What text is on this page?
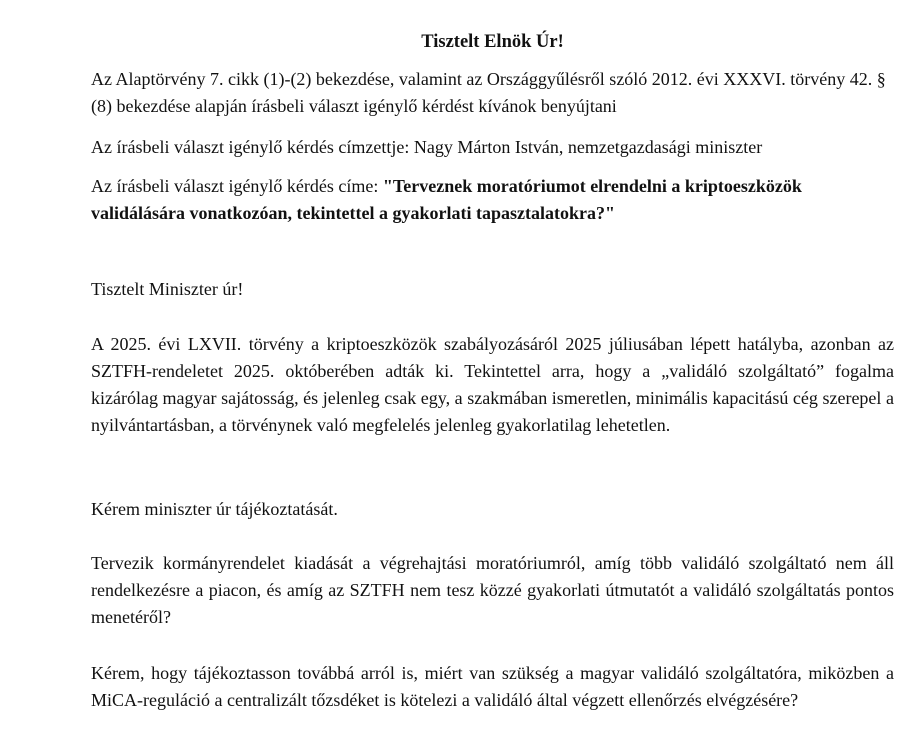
Tisztelt Elnök Úr!

Az Alaptörvény 7. cikk (1)-(2) bekezdése, valamint az Országgyűlésről szóló 2012. évi XXXVI. törvény 42. § (8) bekezdése alapján írásbeli választ igénylő kérdést kívánok benyújtani

Az írásbeli választ igénylő kérdés címzettje: Nagy Márton István, nemzetgazdasági miniszter

Az írásbeli választ igénylő kérdés címe: "Terveznek moratóriumot elrendelni a kriptoeszközök validálására vonatkozóan, tekintettel a gyakorlati tapasztalatokra?"

Tisztelt Miniszter úr!

A 2025. évi LXVII. törvény a kriptoeszközök szabályozásáról 2025 júliusában lépett hatályba, azonban az SZTFH-rendeletet 2025. októberében adták ki. Tekintettel arra, hogy a „validáló szolgáltató” fogalma kizárólag magyar sajátosság, és jelenleg csak egy, a szakmában ismeretlen, minimális kapacitású cég szerepel a nyilvántartásban, a törvénynek való megfelelés jelenleg gyakorlatilag lehetetlen.

Kérem miniszter úr tájékoztatását.

Tervezik kormányrendelet kiadását a végrehajtási moratóriumról, amíg több validáló szolgáltató nem áll rendelkezésre a piacon, és amíg az SZTFH nem tesz közzé gyakorlati útmutatót a validáló szolgáltatás pontos menetéről?

Kérem, hogy tájékoztasson továbbá arról is, miért van szükség a magyar validáló szolgáltatóra, miközben a MiCA-reguláció a centralizált tőzsdéket is kötelezi a validáló által végzett ellenőrzés elvégzésére?
